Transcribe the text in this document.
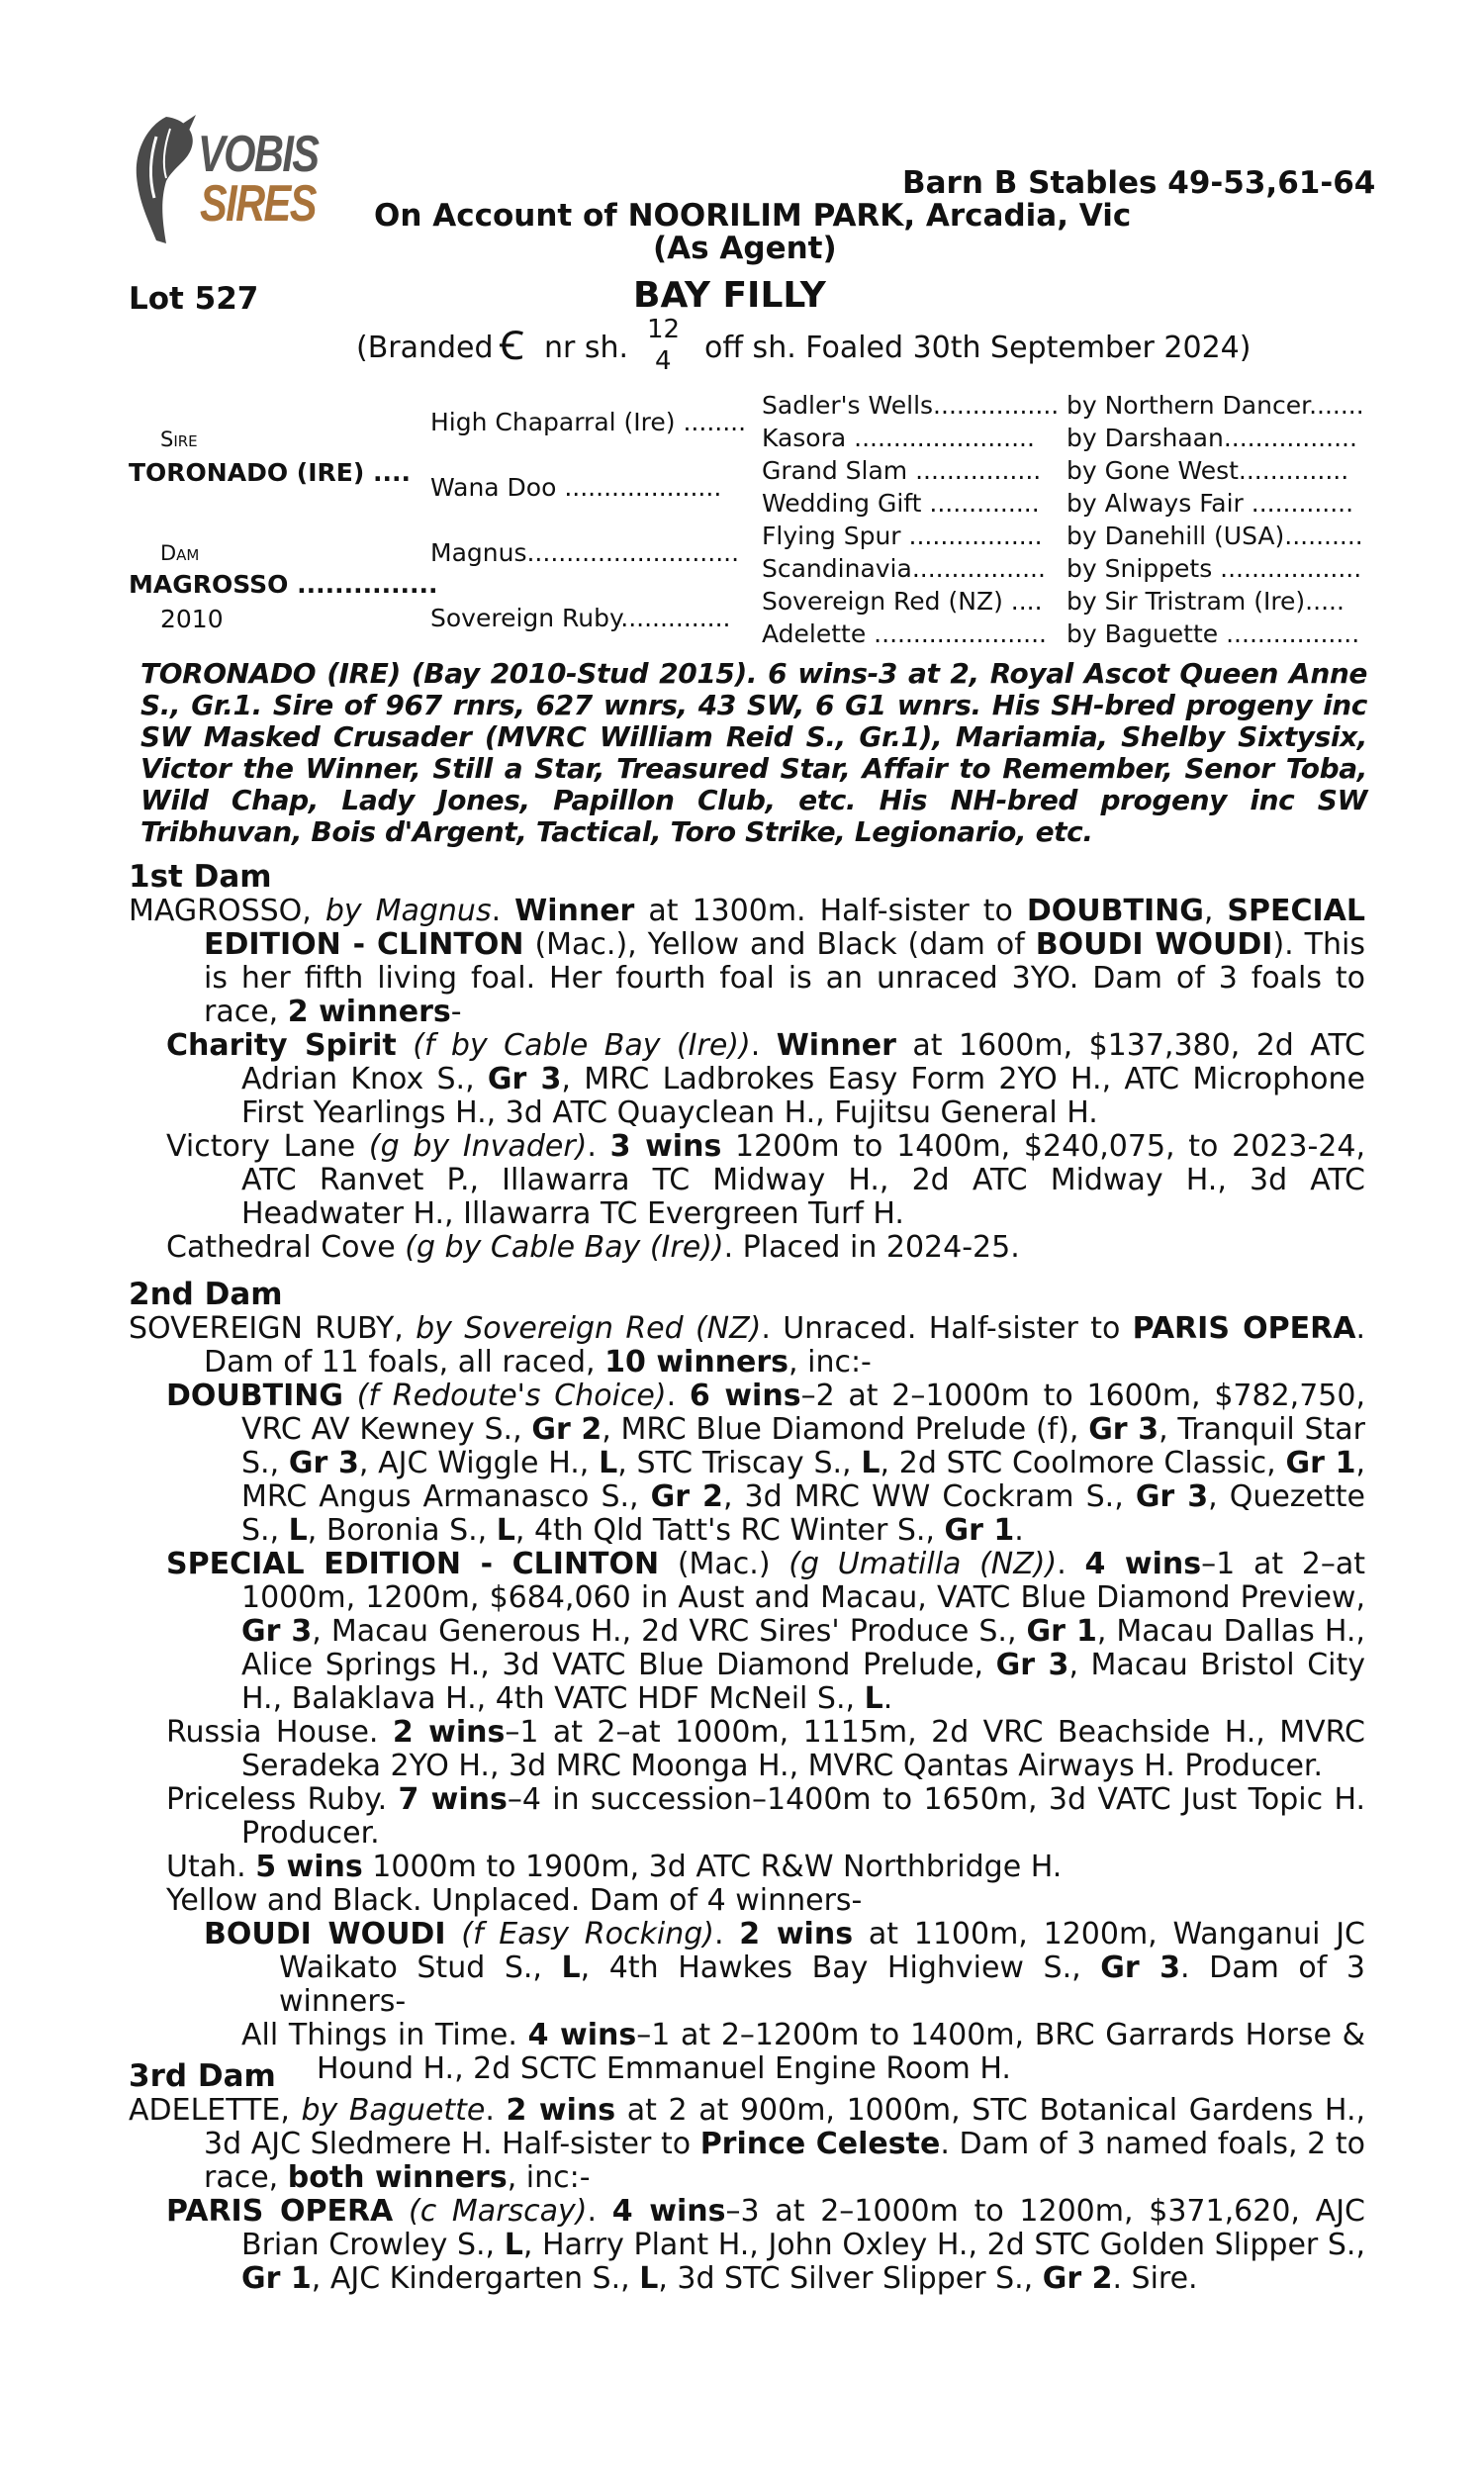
VOBIS
SIRES	Barn B Stables 49-53,61-64
On Account of NOORILIM PARK, Arcadia, Vic
(As Agent)
Lot 527	BAY FILLY
(Branded Ꞓ nr sh.
12
4 off sh. Foaled 30th September 2024)
Sire
TORONADO (IRE) ....
Dam
MAGROSSO ...............
2010
High Chaparral (Ire) ........
Wana Doo ....................
Magnus...........................
Sovereign Ruby..............
Sadler's Wells................
Kasora .......................
Grand Slam ................
Wedding Gift ..............
Flying Spur .................
Scandinavia.................
Sovereign Red (NZ) ....
Adelette ......................
by Northern Dancer.......
by Darshaan.................
by Gone West..............
by Always Fair .............
by Danehill (USA)..........
by Snippets ..................
by Sir Tristram (Ire).....
by Baguette .................
TORONADO (IRE) (Bay 2010-Stud 2015). 6 wins-3 at 2, Royal Ascot Queen Anne S., Gr.1. Sire of 967 rnrs, 627 wnrs, 43 SW, 6 G1 wnrs. His SH-bred progeny inc SW Masked Crusader (MVRC William Reid S., Gr.1), Mariamia, Shelby Sixtysix, Victor the Winner, Still a Star, Treasured Star, Affair to Remember, Senor Toba, Wild Chap, Lady Jones, Papillon Club, etc. His NH-bred progeny inc SW Tribhuvan, Bois d'Argent, Tactical, Toro Strike, Legionario, etc.
1st Dam
MAGROSSO, by Magnus. Winner at 1300m. Half-sister to DOUBTING, SPECIAL EDITION - CLINTON (Mac.), Yellow and Black (dam of BOUDI WOUDI). This is her fifth living foal. Her fourth foal is an unraced 3YO. Dam of 3 foals to race, 2 winners-
Charity Spirit (f by Cable Bay (Ire)). Winner at 1600m, $137,380, 2d ATC Adrian Knox S., Gr 3, MRC Ladbrokes Easy Form 2YO H., ATC Microphone First Yearlings H., 3d ATC Quayclean H., Fujitsu General H.
Victory Lane (g by Invader). 3 wins 1200m to 1400m, $240,075, to 2023-24, ATC Ranvet P., Illawarra TC Midway H., 2d ATC Midway H., 3d ATC Headwater H., Illawarra TC Evergreen Turf H.
Cathedral Cove (g by Cable Bay (Ire)). Placed in 2024-25.
2nd Dam
SOVEREIGN RUBY, by Sovereign Red (NZ). Unraced. Half-sister to PARIS OPERA. Dam of 11 foals, all raced, 10 winners, inc:-
DOUBTING (f Redoute's Choice). 6 wins–2 at 2–1000m to 1600m, $782,750, VRC AV Kewney S., Gr 2, MRC Blue Diamond Prelude (f), Gr 3, Tranquil Star S., Gr 3, AJC Wiggle H., L, STC Triscay S., L, 2d STC Coolmore Classic, Gr 1, MRC Angus Armanasco S., Gr 2, 3d MRC WW Cockram S., Gr 3, Quezette S., L, Boronia S., L, 4th Qld Tatt's RC Winter S., Gr 1.
SPECIAL EDITION - CLINTON (Mac.) (g Umatilla (NZ)). 4 wins–1 at 2–at 1000m, 1200m, $684,060 in Aust and Macau, VATC Blue Diamond Preview, Gr 3, Macau Generous H., 2d VRC Sires' Produce S., Gr 1, Macau Dallas H., Alice Springs H., 3d VATC Blue Diamond Prelude, Gr 3, Macau Bristol City H., Balaklava H., 4th VATC HDF McNeil S., L.
Russia House. 2 wins–1 at 2–at 1000m, 1115m, 2d VRC Beachside H., MVRC Seradeka 2YO H., 3d MRC Moonga H., MVRC Qantas Airways H. Producer.
Priceless Ruby. 7 wins–4 in succession–1400m to 1650m, 3d VATC Just Topic H. Producer.
Utah. 5 wins 1000m to 1900m, 3d ATC R&W Northbridge H.
Yellow and Black. Unplaced. Dam of 4 winners-
BOUDI WOUDI (f Easy Rocking). 2 wins at 1100m, 1200m, Wanganui JC Waikato Stud S., L, 4th Hawkes Bay Highview S., Gr 3. Dam of 3 winners-
All Things in Time. 4 wins–1 at 2–1200m to 1400m, BRC Garrards Horse & Hound H., 2d SCTC Emmanuel Engine Room H.
3rd Dam
ADELETTE, by Baguette. 2 wins at 2 at 900m, 1000m, STC Botanical Gardens H., 3d AJC Sledmere H. Half-sister to Prince Celeste. Dam of 3 named foals, 2 to race, both winners, inc:-
PARIS OPERA (c Marscay). 4 wins–3 at 2–1000m to 1200m, $371,620, AJC Brian Crowley S., L, Harry Plant H., John Oxley H., 2d STC Golden Slipper S., Gr 1, AJC Kindergarten S., L, 3d STC Silver Slipper S., Gr 2. Sire.
